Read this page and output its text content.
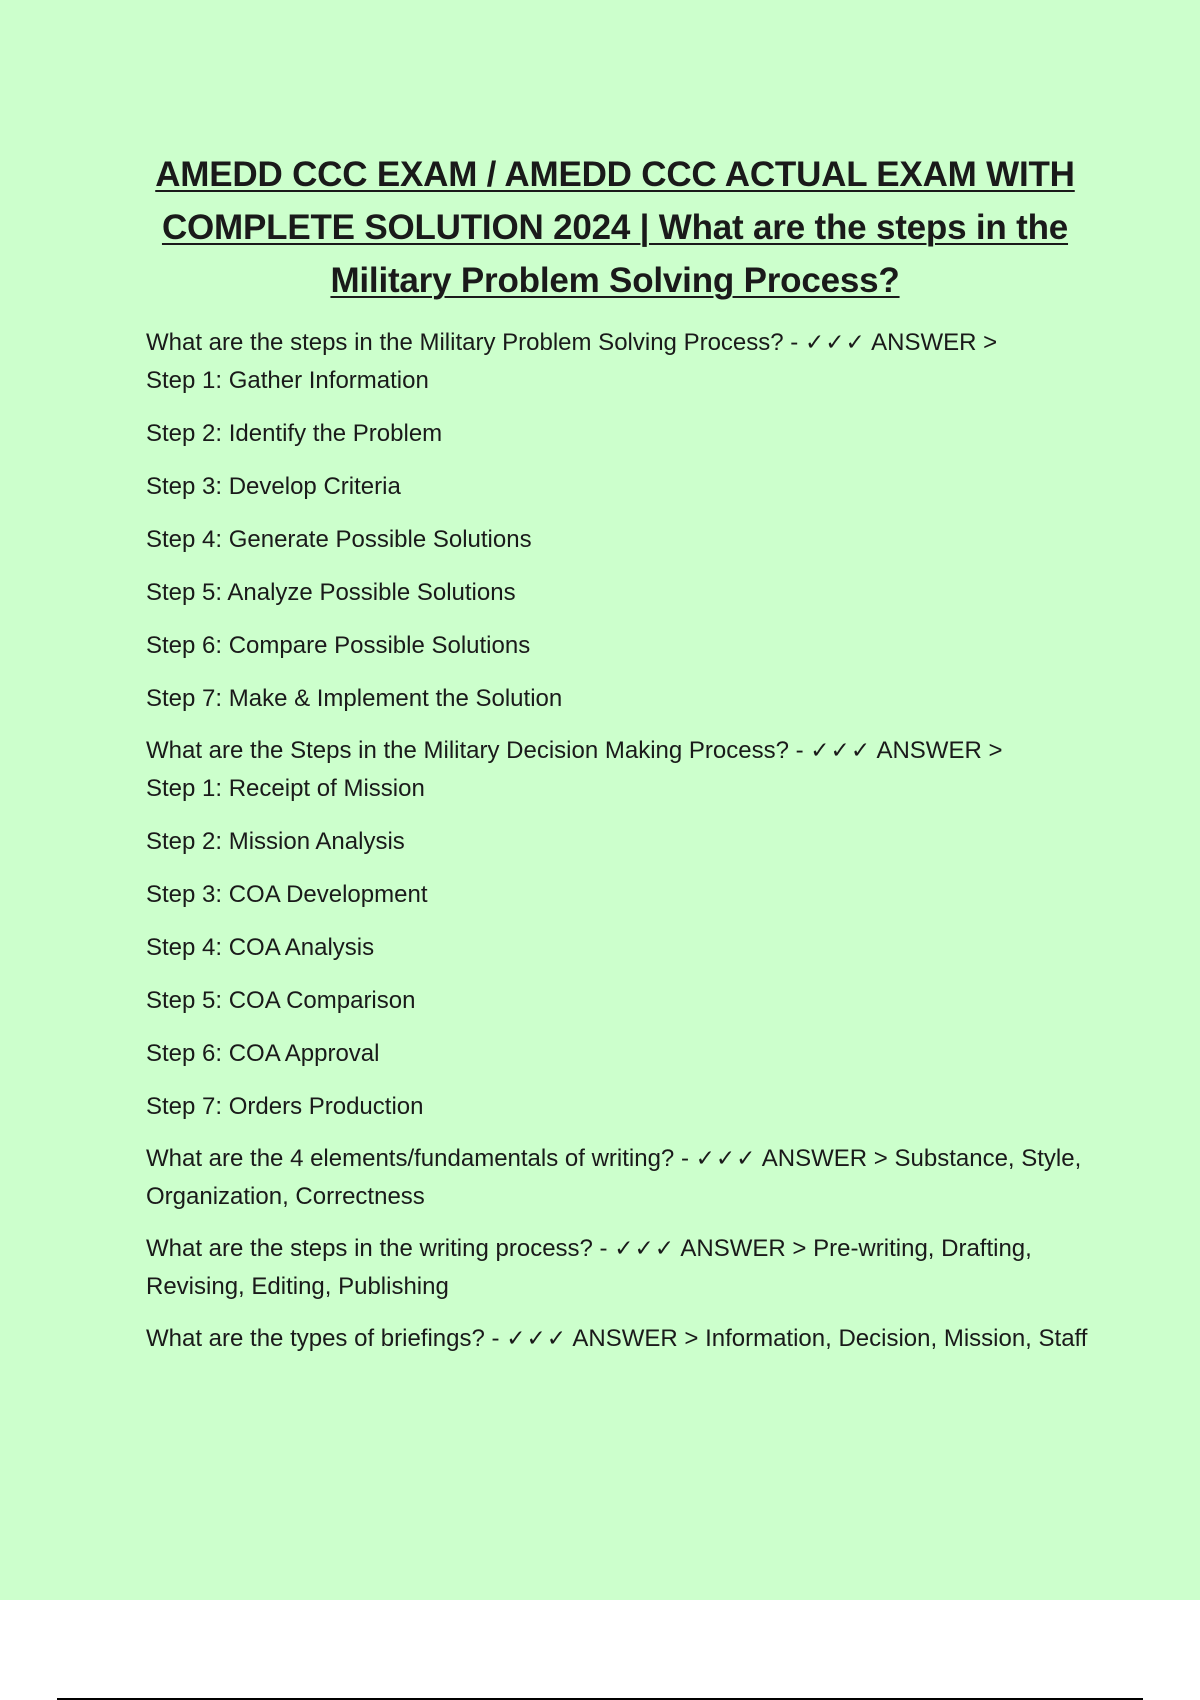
AMEDD CCC EXAM / AMEDD CCC ACTUAL EXAM WITH COMPLETE SOLUTION 2024 | What are the steps in the Military Problem Solving Process?

What are the steps in the Military Problem Solving Process? - ✓✓✓ ANSWER >
Step 1: Gather Information

Step 2: Identify the Problem

Step 3: Develop Criteria

Step 4: Generate Possible Solutions

Step 5: Analyze Possible Solutions

Step 6: Compare Possible Solutions

Step 7: Make & Implement the Solution

What are the Steps in the Military Decision Making Process? - ✓✓✓ ANSWER >
Step 1: Receipt of Mission

Step 2: Mission Analysis

Step 3: COA Development

Step 4: COA Analysis

Step 5: COA Comparison

Step 6: COA Approval

Step 7: Orders Production

What are the 4 elements/fundamentals of writing? - ✓✓✓ ANSWER > Substance, Style, Organization, Correctness

What are the steps in the writing process? - ✓✓✓ ANSWER > Pre-writing, Drafting, Revising, Editing, Publishing

What are the types of briefings? - ✓✓✓ ANSWER > Information, Decision, Mission, Staff
